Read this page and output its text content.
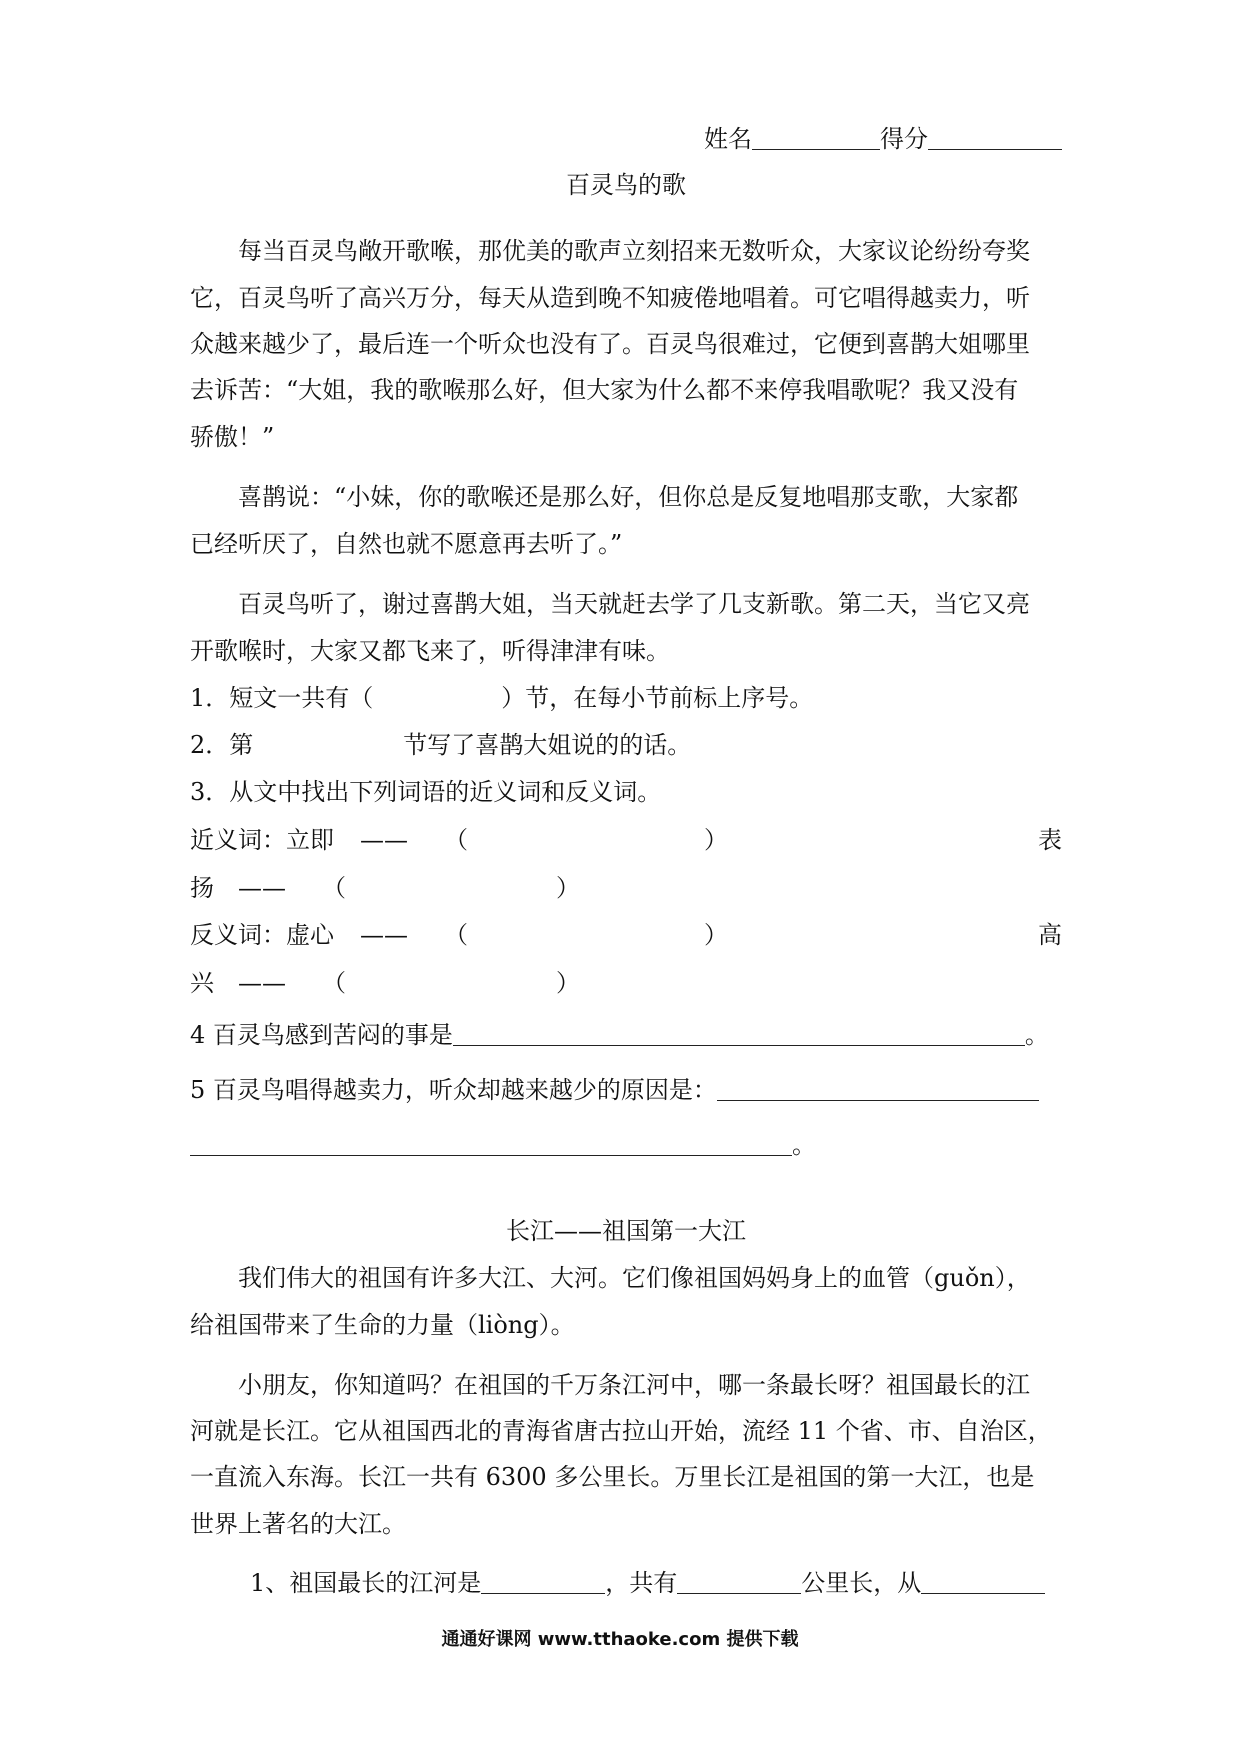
姓名	得分
百灵鸟的歌
每当百灵鸟敞开歌喉，那优美的歌声立刻招来无数听众，大家议论纷纷夸奖
它，百灵鸟听了高兴万分，每天从造到晚不知疲倦地唱着。可它唱得越卖力，听
众越来越少了，最后连一个听众也没有了。百灵鸟很难过，它便到喜鹊大姐哪里
去诉苦：“大姐，我的歌喉那么好，但大家为什么都不来停我唱歌呢？我又没有
骄傲！”
喜鹊说：“小妹，你的歌喉还是那么好，但你总是反复地唱那支歌，大家都
已经听厌了，自然也就不愿意再去听了。”
百灵鸟听了，谢过喜鹊大姐，当天就赶去学了几支新歌。第二天，当它又亮
开歌喉时，大家又都飞来了，听得津津有味。
1．短文一共有（	）节，在每小节前标上序号。
2．第	节写了喜鹊大姐说的的话。
3．从文中找出下列词语的近义词和反义词。
近义词：立即 —— （	）	表
扬 —— （	）
反义词：虚心 —— （	）	高
兴 —— （	）
4 百灵鸟感到苦闷的事是	。
5 百灵鸟唱得越卖力，听众却越来越少的原因是：
。
长江——祖国第一大江
我们伟大的祖国有许多大江、大河。它们像祖国妈妈身上的血管（guǒn），
给祖国带来了生命的力量（liòng）。
小朋友，你知道吗？在祖国的千万条江河中，哪一条最长呀？祖国最长的江
河就是长江。它从祖国西北的青海省唐古拉山开始，流经 11 个省、市、自治区，
一直流入东海。长江一共有 6300 多公里长。万里长江是祖国的第一大江，也是
世界上著名的大江。
1、祖国最长的江河是	，共有	公里长，从
通通好课网 www.tthaoke.com 提供下载
